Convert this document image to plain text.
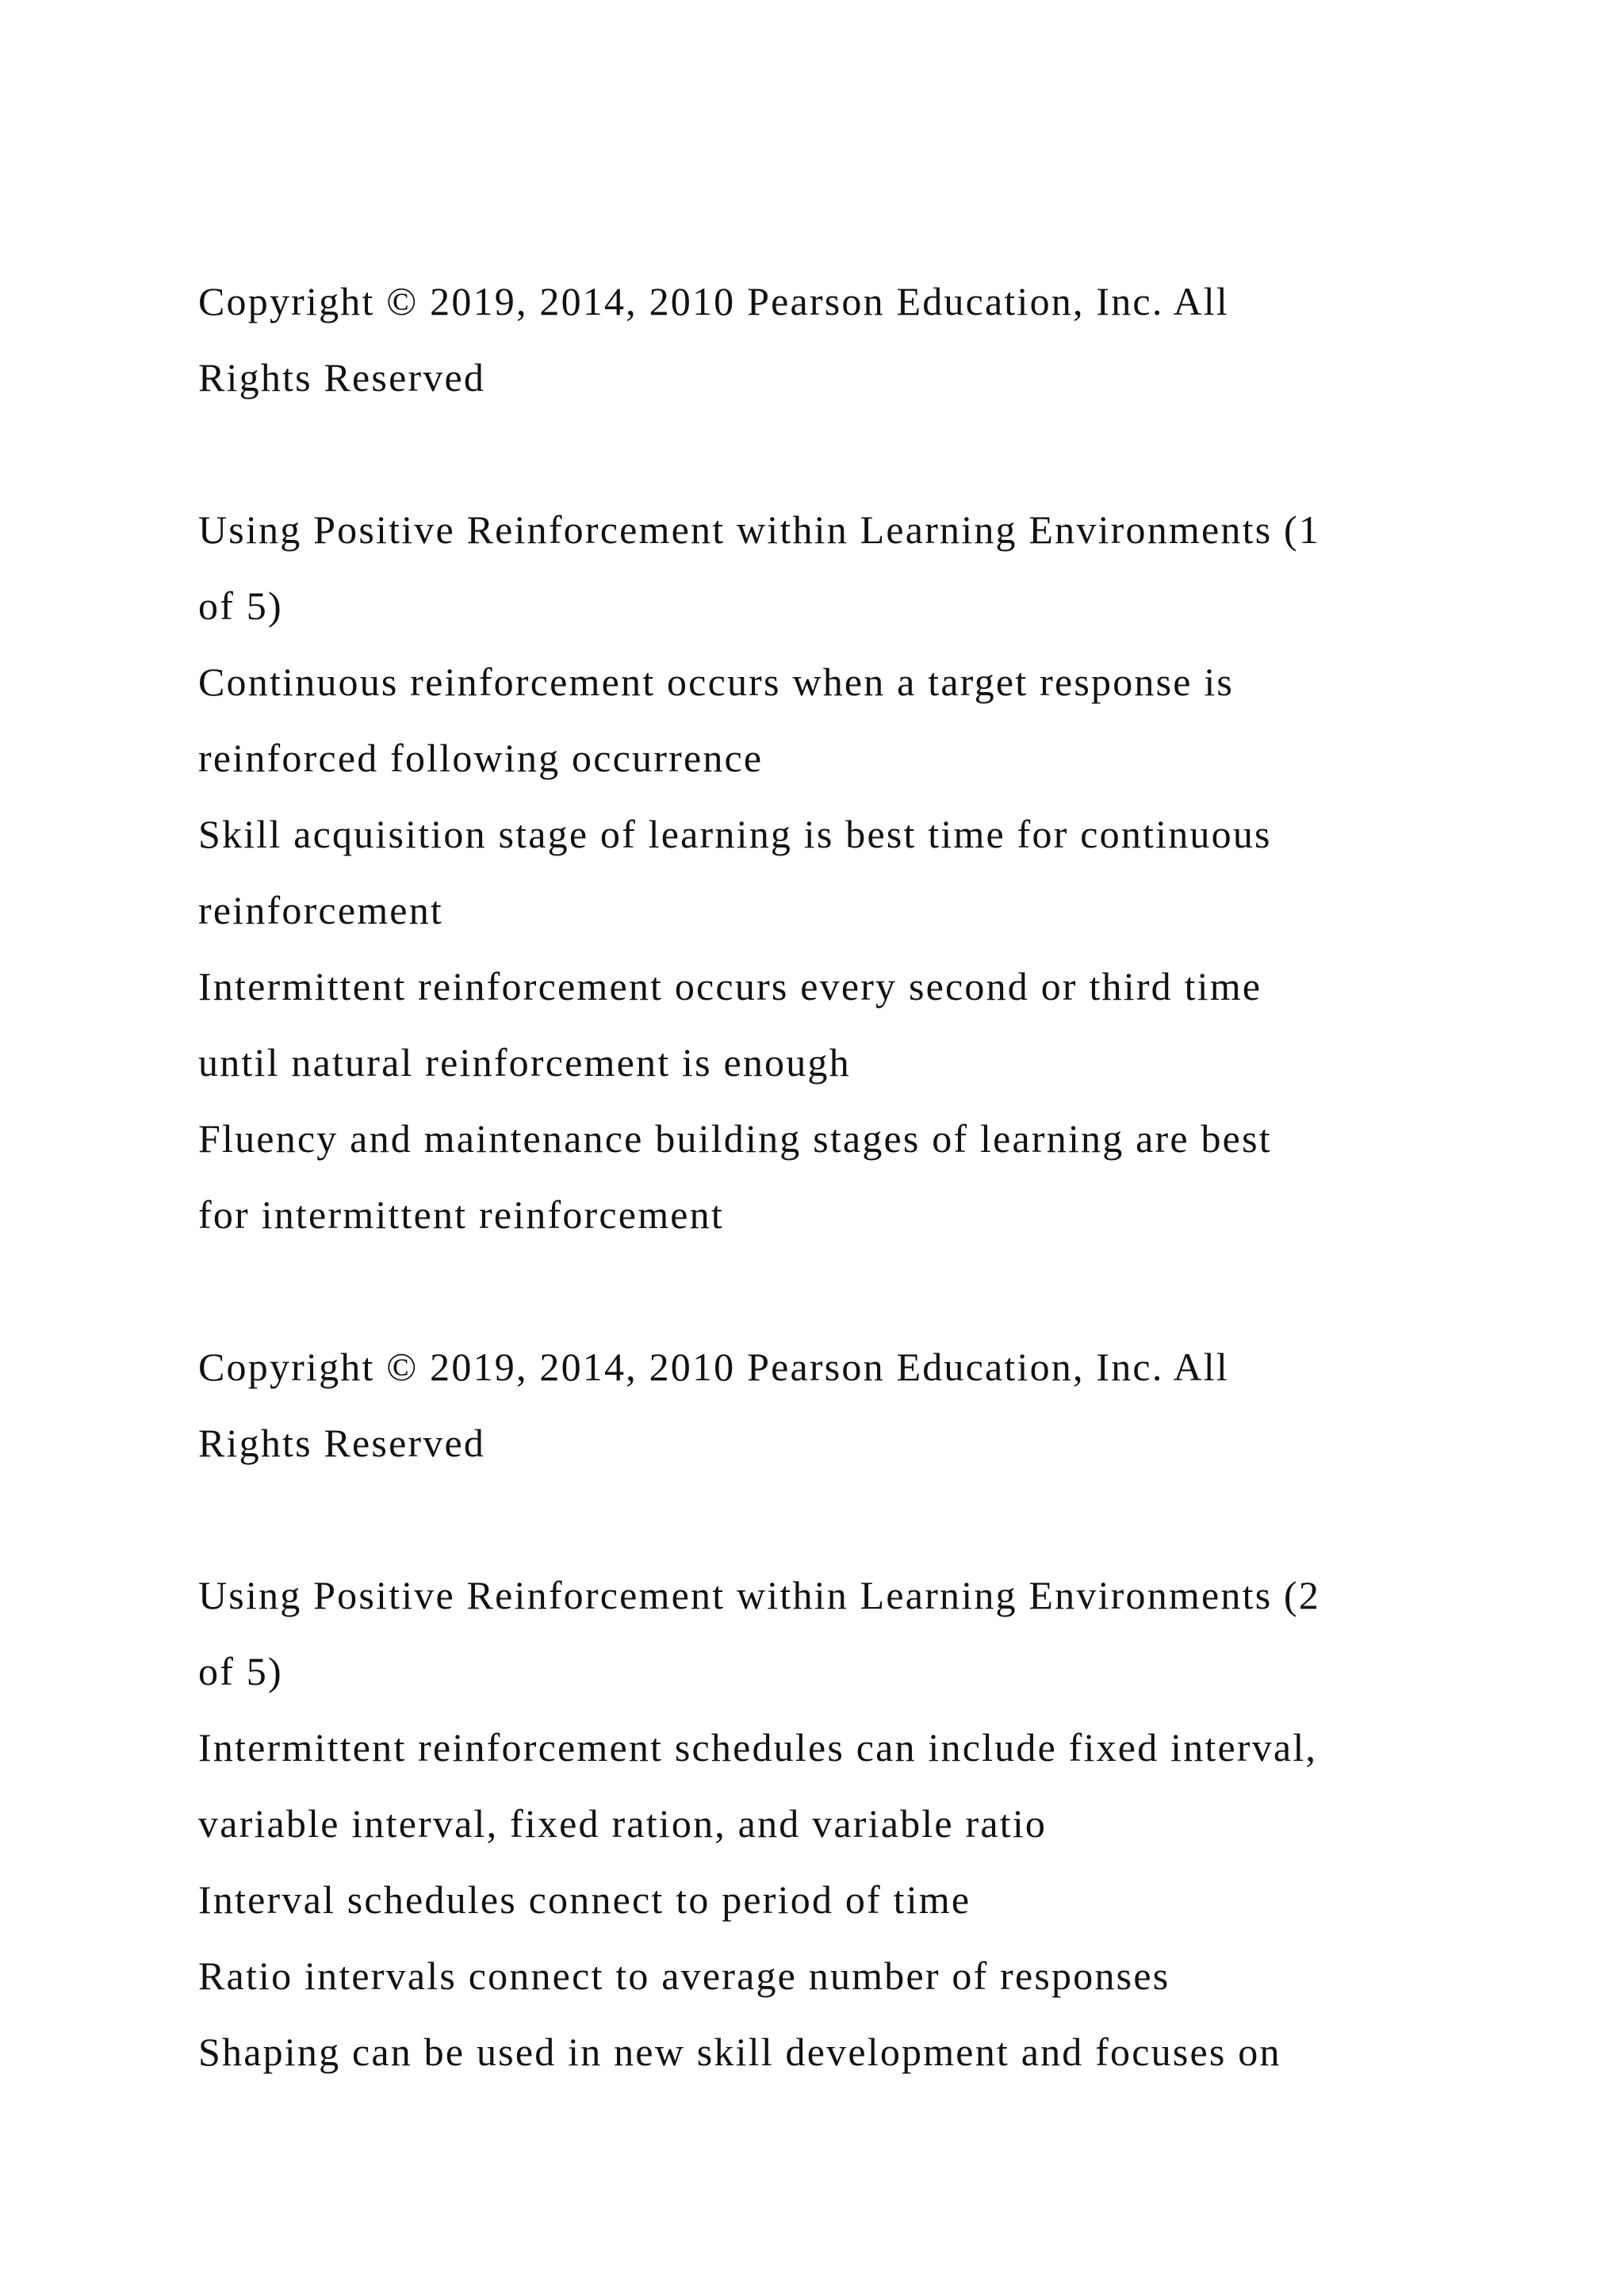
Copyright © 2019, 2014, 2010 Pearson Education, Inc. All
Rights Reserved
Using Positive Reinforcement within Learning Environments (1
of 5)
Continuous reinforcement occurs when a target response is
reinforced following occurrence
Skill acquisition stage of learning is best time for continuous
reinforcement
Intermittent reinforcement occurs every second or third time
until natural reinforcement is enough
Fluency and maintenance building stages of learning are best
for intermittent reinforcement
Copyright © 2019, 2014, 2010 Pearson Education, Inc. All
Rights Reserved
Using Positive Reinforcement within Learning Environments (2
of 5)
Intermittent reinforcement schedules can include fixed interval,
variable interval, fixed ration, and variable ratio
Interval schedules connect to period of time
Ratio intervals connect to average number of responses
Shaping can be used in new skill development and focuses on
